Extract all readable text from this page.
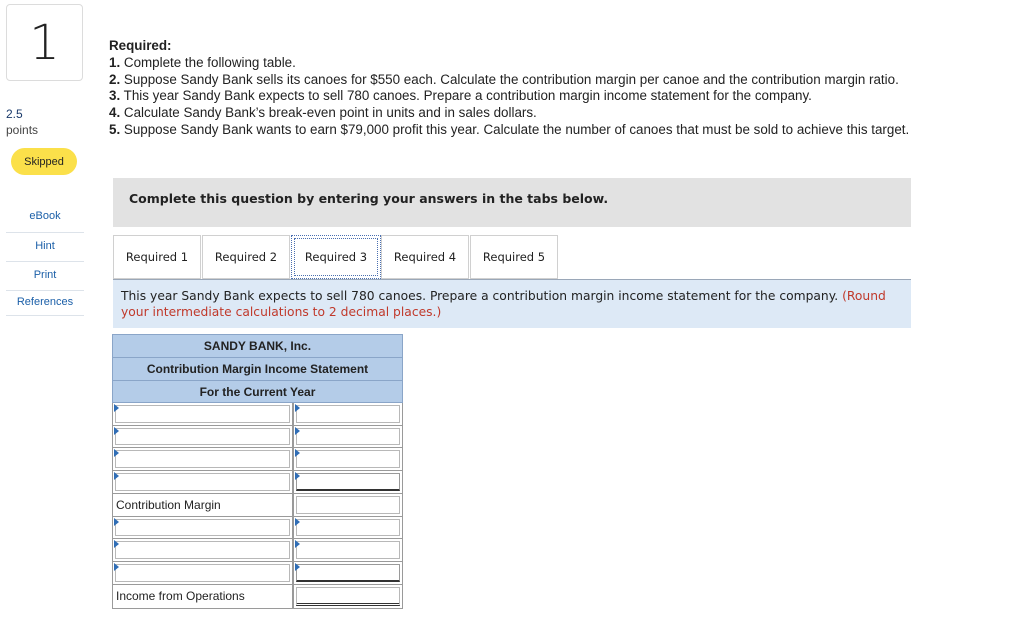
1
2.5
points
Skipped
eBook
Hint
Print
References
Required:
1. Complete the following table.
2. Suppose Sandy Bank sells its canoes for $550 each. Calculate the contribution margin per canoe and the contribution margin ratio.
3. This year Sandy Bank expects to sell 780 canoes. Prepare a contribution margin income statement for the company.
4. Calculate Sandy Bank’s break-even point in units and in sales dollars.
5. Suppose Sandy Bank wants to earn $79,000 profit this year. Calculate the number of canoes that must be sold to achieve this target.
Complete this question by entering your answers in the tabs below.
Required 1	Required 2	Required 3	Required 4	Required 5
This year Sandy Bank expects to sell 780 canoes. Prepare a contribution margin income statement for the company. (Round your intermediate calculations to 2 decimal places.)
SANDY BANK, Inc.
Contribution Margin Income Statement
For the Current Year
Contribution Margin
Income from Operations
